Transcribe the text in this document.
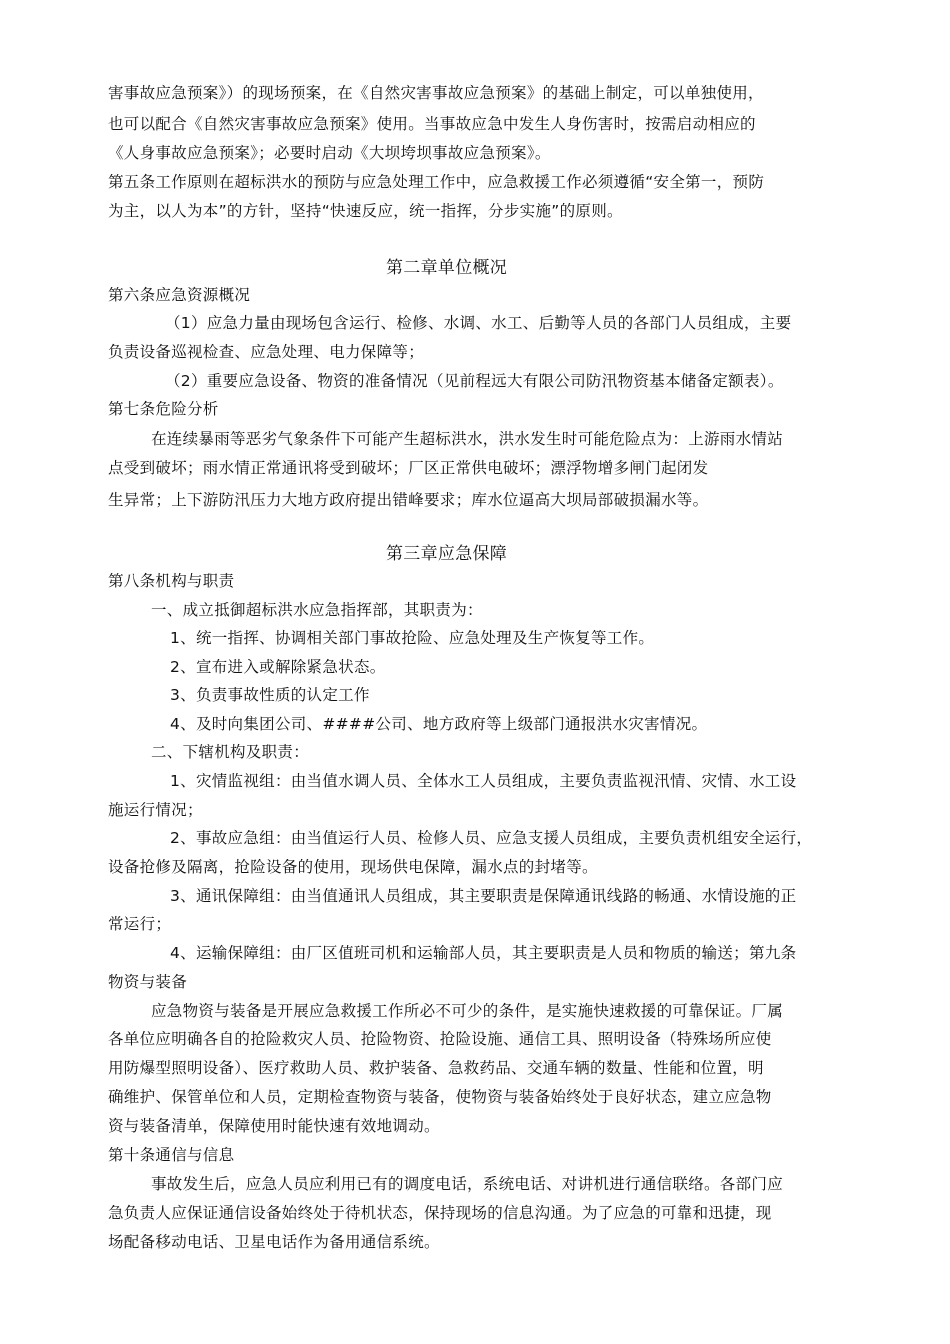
害事故应急预案》）的现场预案，在《自然灾害事故应急预案》的基础上制定，可以单独使用，
也可以配合《自然灾害事故应急预案》使用。当事故应急中发生人身伤害时，按需启动相应的
《人身事故应急预案》；必要时启动《大坝垮坝事故应急预案》。
第五条工作原则在超标洪水的预防与应急处理工作中，应急救援工作必须遵循“安全第一，预防
为主，以人为本”的方针，坚持“快速反应，统一指挥，分步实施”的原则。
第二章单位概况
第六条应急资源概况
（1）应急力量由现场包含运行、检修、水调、水工、后勤等人员的各部门人员组成，主要
负责设备巡视检查、应急处理、电力保障等；
（2）重要应急设备、物资的准备情况（见前程远大有限公司防汛物资基本储备定额表）。
第七条危险分析
在连续暴雨等恶劣气象条件下可能产生超标洪水，洪水发生时可能危险点为：上游雨水情站
点受到破坏；雨水情正常通讯将受到破坏；厂区正常供电破坏；漂浮物增多闸门起闭发
生异常；上下游防汛压力大地方政府提出错峰要求；库水位逼高大坝局部破损漏水等。
第三章应急保障
第八条机构与职责
一、成立抵御超标洪水应急指挥部，其职责为：
1、统一指挥、协调相关部门事故抢险、应急处理及生产恢复等工作。
2、宣布进入或解除紧急状态。
3、负责事故性质的认定工作
4、及时向集团公司、####公司、地方政府等上级部门通报洪水灾害情况。
二、下辖机构及职责：
1、灾情监视组：由当值水调人员、全体水工人员组成，主要负责监视汛情、灾情、水工设
施运行情况；
2、事故应急组：由当值运行人员、检修人员、应急支援人员组成，主要负责机组安全运行，
设备抢修及隔离，抢险设备的使用，现场供电保障，漏水点的封堵等。
3、通讯保障组：由当值通讯人员组成，其主要职责是保障通讯线路的畅通、水情设施的正
常运行；
4、运输保障组：由厂区值班司机和运输部人员，其主要职责是人员和物质的输送；第九条
物资与装备
应急物资与装备是开展应急救援工作所必不可少的条件，是实施快速救援的可靠保证。厂属
各单位应明确各自的抢险救灾人员、抢险物资、抢险设施、通信工具、照明设备（特殊场所应使
用防爆型照明设备）、医疗救助人员、救护装备、急救药品、交通车辆的数量、性能和位置，明
确维护、保管单位和人员，定期检查物资与装备，使物资与装备始终处于良好状态，建立应急物
资与装备清单，保障使用时能快速有效地调动。
第十条通信与信息
事故发生后，应急人员应利用已有的调度电话，系统电话、对讲机进行通信联络。各部门应
急负责人应保证通信设备始终处于待机状态，保持现场的信息沟通。为了应急的可靠和迅捷，现
场配备移动电话、卫星电话作为备用通信系统。
